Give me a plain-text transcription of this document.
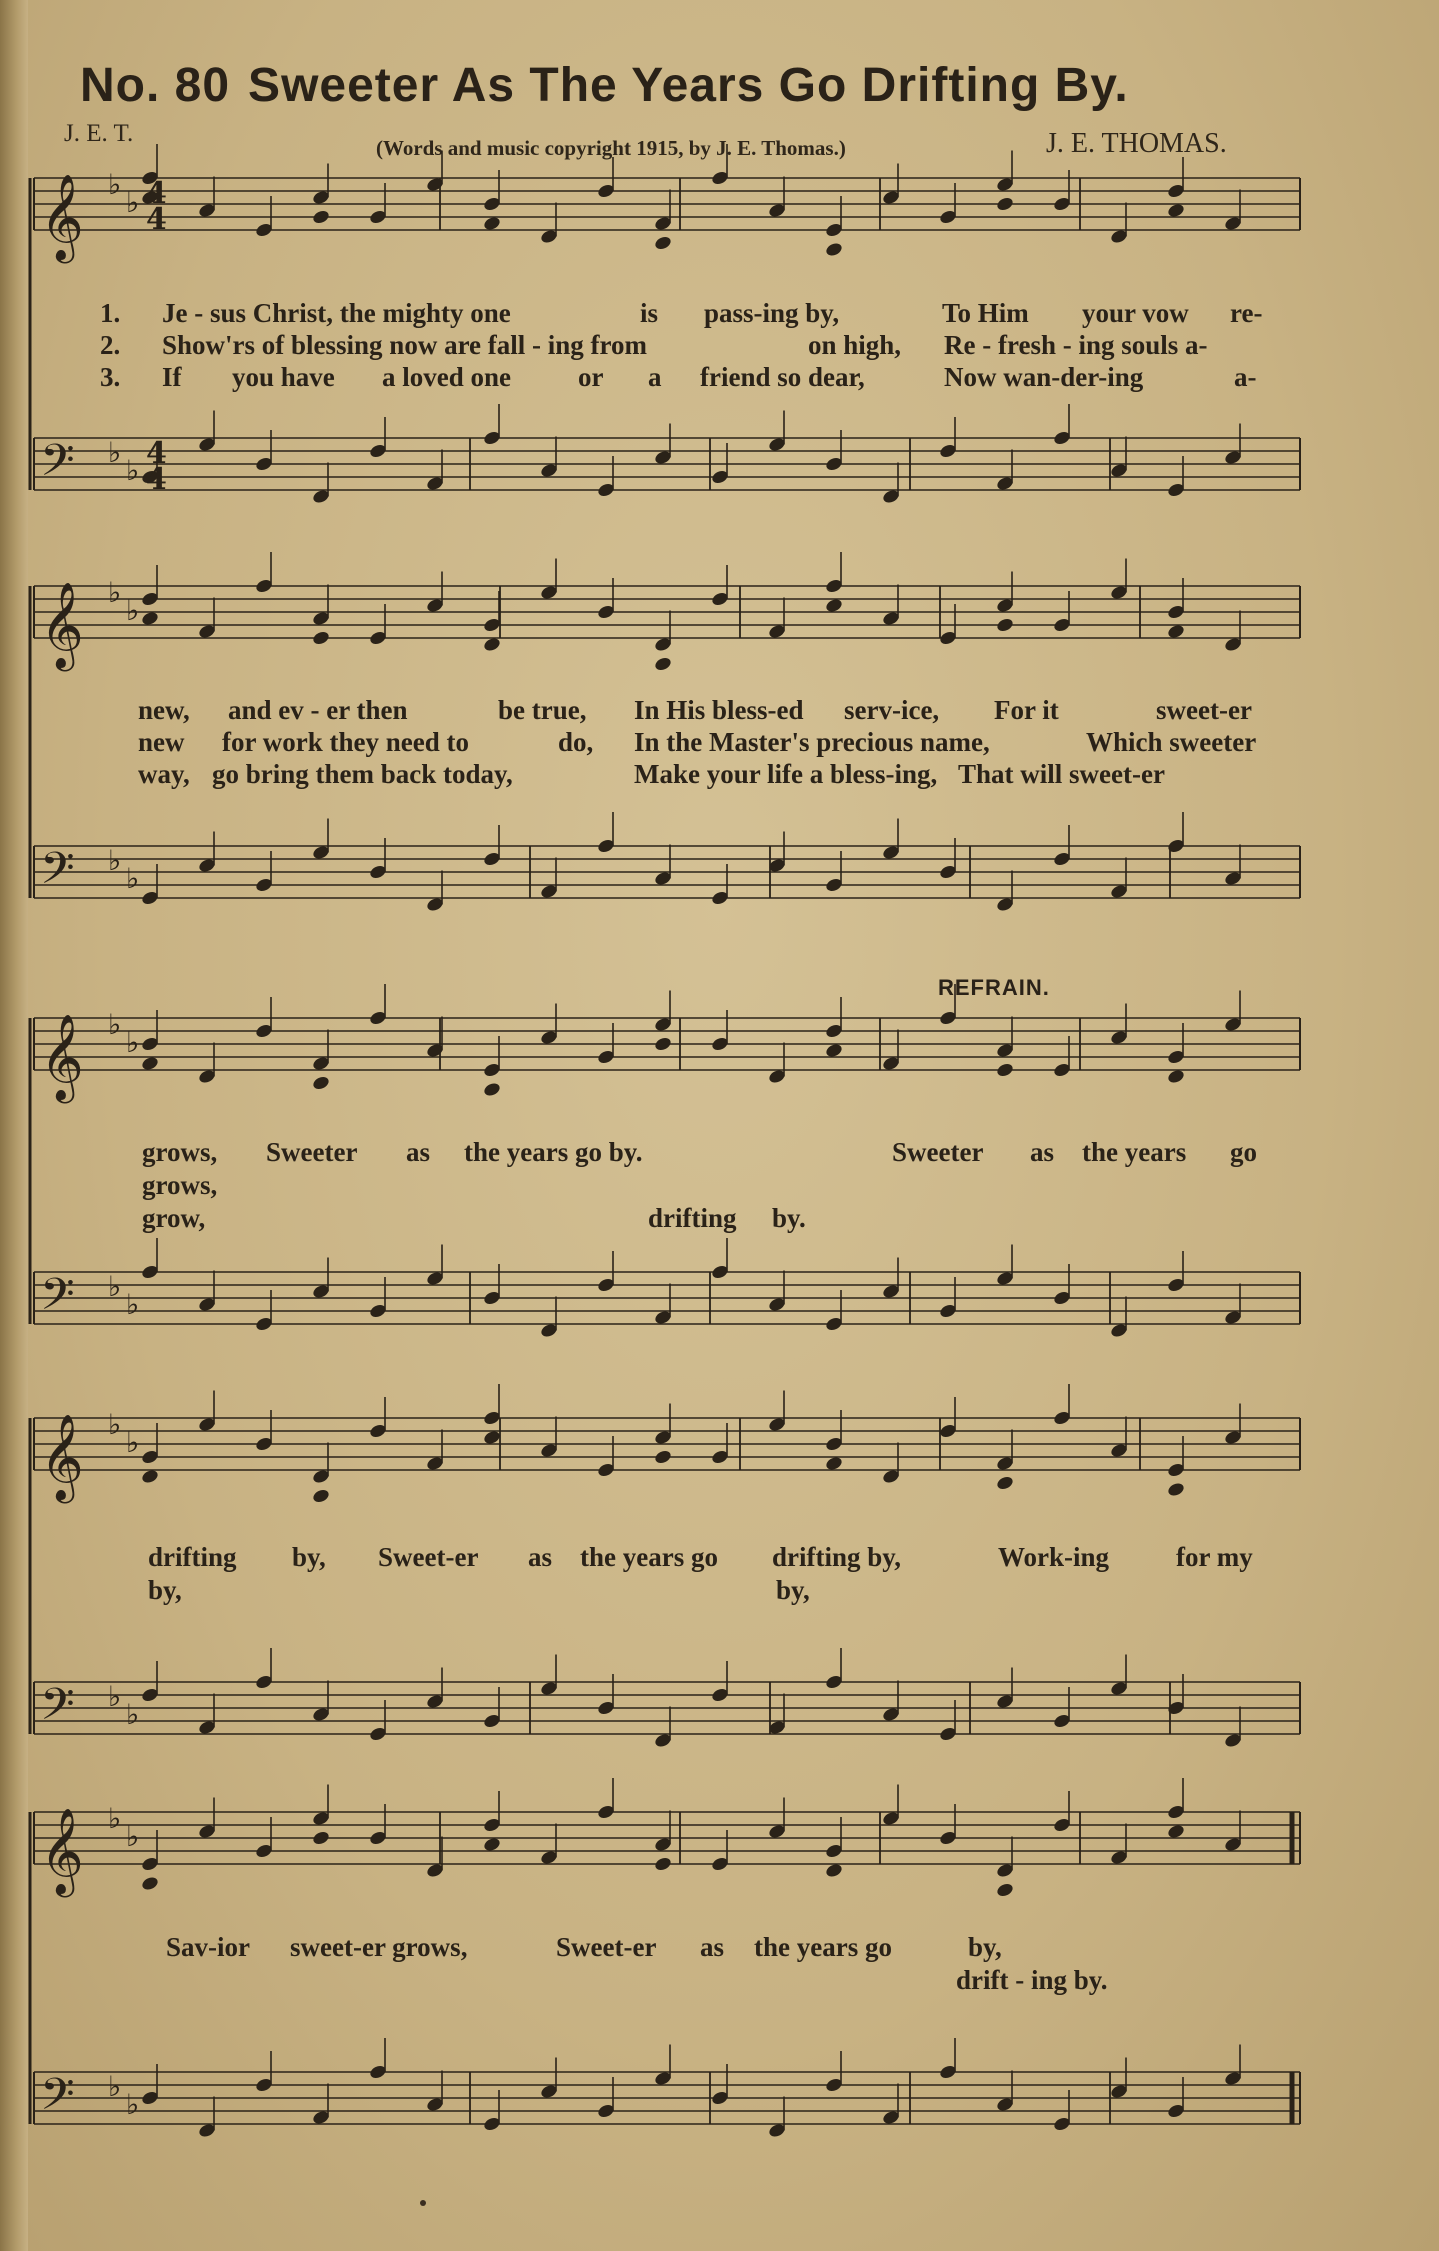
No. 80 Sweeter As The Years Go Drifting By.
J. E. T.
(Words and music copyright 1915, by J. E. Thomas.)	J. E. THOMAS.
𝄞 ♭
♭
𝄢 ♭
♭
𝄞 ♭
♭
𝄢 ♭
♭
𝄞 ♭
♭
𝄢 ♭
♭
𝄞 ♭
♭
𝄢 ♭
♭
𝄞 ♭
♭
𝄢 ♭
♭
4
4
4
4
1.
2.
3.
Je - sus Christ, the mighty one	is pass-ing by,	To Him your vow re-
Show'rs of blessing now are fall - ing from	on high, Re - fresh - ing souls a-
If you have a loved one or a friend so dear,	Now wan-der-ing	a-
new, and ev - er then	be true, In His bless-ed serv-ice, For it	sweet-er
new for work they need to	do, In the Master's precious name,	Which sweeter
way, go bring them back today,	Make your life a bless-ing, That will sweet-er
REFRAIN.
grows, Sweeter as the years go by.	Sweeter as the years go
grows,
grow,	drifting by.
drifting by, Sweet-er as the years go drifting by,	Work-ing for my
by,	by,
Sav-ior sweet-er grows,	Sweet-er as the years go	by,
drift - ing by.
